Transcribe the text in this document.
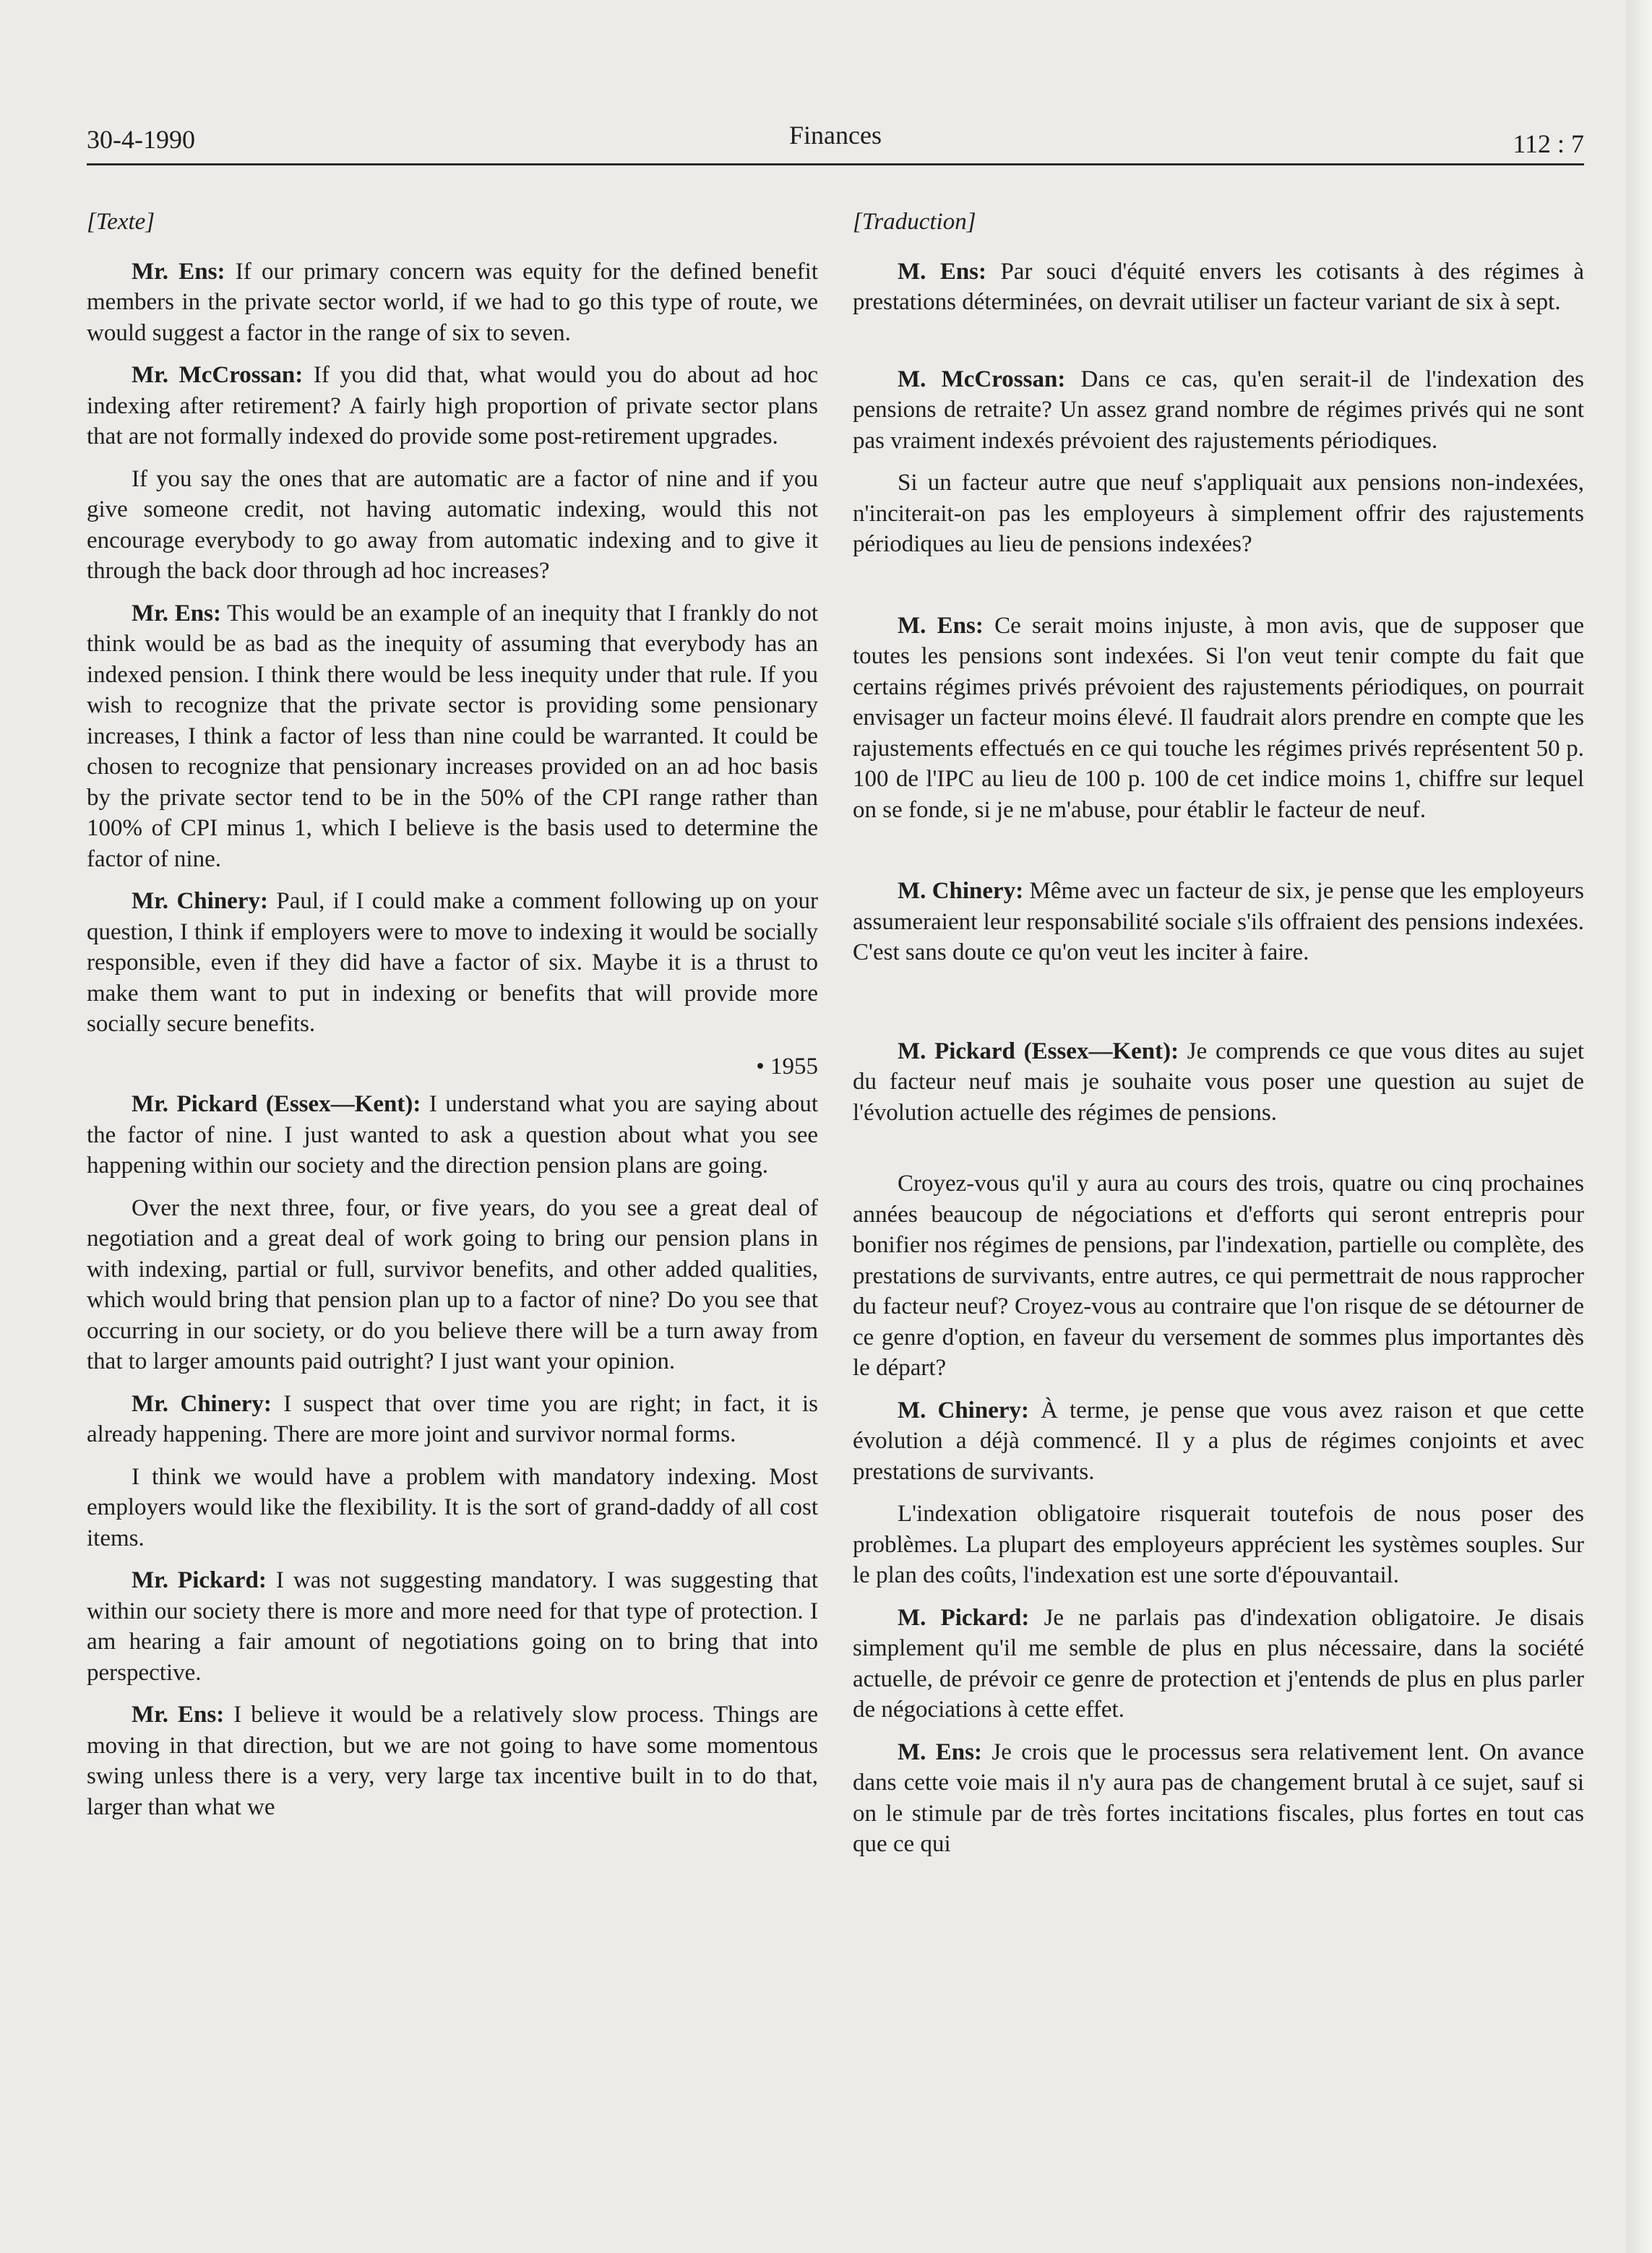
30-4-1990	Finances	112 : 7

[Texte]

Mr. Ens: If our primary concern was equity for the defined benefit members in the private sector world, if we had to go this type of route, we would suggest a factor in the range of six to seven.

Mr. McCrossan: If you did that, what would you do about ad hoc indexing after retirement? A fairly high proportion of private sector plans that are not formally indexed do provide some post-retirement upgrades.

If you say the ones that are automatic are a factor of nine and if you give someone credit, not having automatic indexing, would this not encourage everybody to go away from automatic indexing and to give it through the back door through ad hoc increases?

Mr. Ens: This would be an example of an inequity that I frankly do not think would be as bad as the inequity of assuming that everybody has an indexed pension. I think there would be less inequity under that rule. If you wish to recognize that the private sector is providing some pensionary increases, I think a factor of less than nine could be warranted. It could be chosen to recognize that pensionary increases provided on an ad hoc basis by the private sector tend to be in the 50% of the CPI range rather than 100% of CPI minus 1, which I believe is the basis used to determine the factor of nine.

Mr. Chinery: Paul, if I could make a comment following up on your question, I think if employers were to move to indexing it would be socially responsible, even if they did have a factor of six. Maybe it is a thrust to make them want to put in indexing or benefits that will provide more socially secure benefits.

• 1955

Mr. Pickard (Essex—Kent): I understand what you are saying about the factor of nine. I just wanted to ask a question about what you see happening within our society and the direction pension plans are going.

Over the next three, four, or five years, do you see a great deal of negotiation and a great deal of work going to bring our pension plans in with indexing, partial or full, survivor benefits, and other added qualities, which would bring that pension plan up to a factor of nine? Do you see that occurring in our society, or do you believe there will be a turn away from that to larger amounts paid outright? I just want your opinion.

Mr. Chinery: I suspect that over time you are right; in fact, it is already happening. There are more joint and survivor normal forms.

I think we would have a problem with mandatory indexing. Most employers would like the flexibility. It is the sort of grand-daddy of all cost items.

Mr. Pickard: I was not suggesting mandatory. I was suggesting that within our society there is more and more need for that type of protection. I am hearing a fair amount of negotiations going on to bring that into perspective.

Mr. Ens: I believe it would be a relatively slow process. Things are moving in that direction, but we are not going to have some momentous swing unless there is a very, very large tax incentive built in to do that, larger than what we

[Traduction]

M. Ens: Par souci d'équité envers les cotisants à des régimes à prestations déterminées, on devrait utiliser un facteur variant de six à sept.

M. McCrossan: Dans ce cas, qu'en serait-il de l'indexation des pensions de retraite? Un assez grand nombre de régimes privés qui ne sont pas vraiment indexés prévoient des rajustements périodiques.

Si un facteur autre que neuf s'appliquait aux pensions non-indexées, n'inciterait-on pas les employeurs à simplement offrir des rajustements périodiques au lieu de pensions indexées?

M. Ens: Ce serait moins injuste, à mon avis, que de supposer que toutes les pensions sont indexées. Si l'on veut tenir compte du fait que certains régimes privés prévoient des rajustements périodiques, on pourrait envisager un facteur moins élevé. Il faudrait alors prendre en compte que les rajustements effectués en ce qui touche les régimes privés représentent 50 p. 100 de l'IPC au lieu de 100 p. 100 de cet indice moins 1, chiffre sur lequel on se fonde, si je ne m'abuse, pour établir le facteur de neuf.

M. Chinery: Même avec un facteur de six, je pense que les employeurs assumeraient leur responsabilité sociale s'ils offraient des pensions indexées. C'est sans doute ce qu'on veut les inciter à faire.

M. Pickard (Essex—Kent): Je comprends ce que vous dites au sujet du facteur neuf mais je souhaite vous poser une question au sujet de l'évolution actuelle des régimes de pensions.

Croyez-vous qu'il y aura au cours des trois, quatre ou cinq prochaines années beaucoup de négociations et d'efforts qui seront entrepris pour bonifier nos régimes de pensions, par l'indexation, partielle ou complète, des prestations de survivants, entre autres, ce qui permettrait de nous rapprocher du facteur neuf? Croyez-vous au contraire que l'on risque de se détourner de ce genre d'option, en faveur du versement de sommes plus importantes dès le départ?

M. Chinery: À terme, je pense que vous avez raison et que cette évolution a déjà commencé. Il y a plus de régimes conjoints et avec prestations de survivants.

L'indexation obligatoire risquerait toutefois de nous poser des problèmes. La plupart des employeurs apprécient les systèmes souples. Sur le plan des coûts, l'indexation est une sorte d'épouvantail.

M. Pickard: Je ne parlais pas d'indexation obligatoire. Je disais simplement qu'il me semble de plus en plus nécessaire, dans la société actuelle, de prévoir ce genre de protection et j'entends de plus en plus parler de négociations à cette effet.

M. Ens: Je crois que le processus sera relativement lent. On avance dans cette voie mais il n'y aura pas de changement brutal à ce sujet, sauf si on le stimule par de très fortes incitations fiscales, plus fortes en tout cas que ce qui
